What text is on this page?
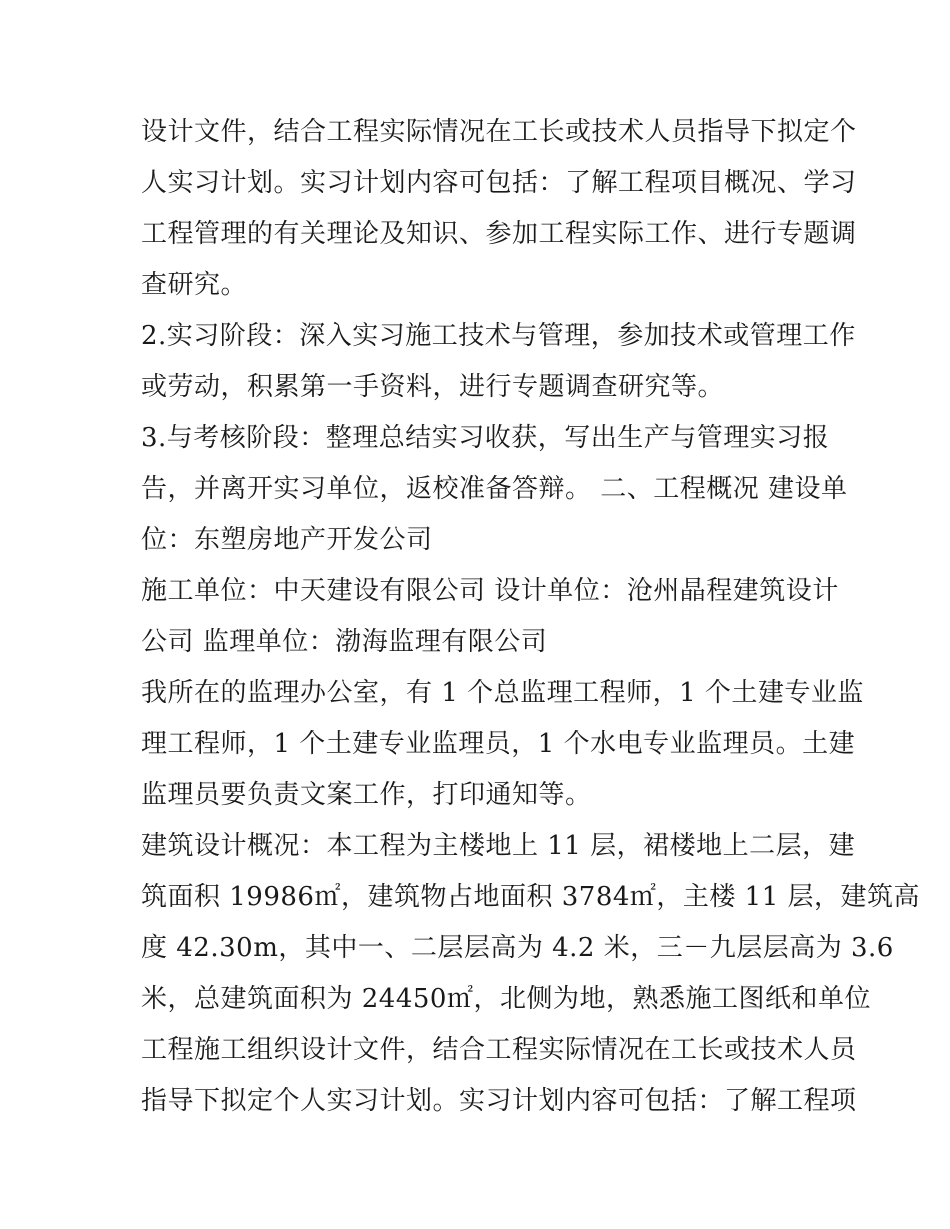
设计文件，结合工程实际情况在工长或技术人员指导下拟定个
人实习计划。实习计划内容可包括：了解工程项目概况、学习
工程管理的有关理论及知识、参加工程实际工作、进行专题调
查研究。
2.实习阶段：深入实习施工技术与管理，参加技术或管理工作
或劳动，积累第一手资料，进行专题调查研究等。
3.与考核阶段：整理总结实习收获，写出生产与管理实习报
告，并离开实习单位，返校准备答辩。 二、工程概况 建设单
位：东塑房地产开发公司
施工单位：中天建设有限公司 设计单位：沧州晶程建筑设计
公司 监理单位：渤海监理有限公司
我所在的监理办公室，有 1 个总监理工程师，1 个土建专业监
理工程师，1 个土建专业监理员，1 个水电专业监理员。土建
监理员要负责文案工作，打印通知等。
建筑设计概况：本工程为主楼地上 11 层，裙楼地上二层，建
筑面积 19986㎡，建筑物占地面积 3784㎡，主楼 11 层，建筑高
度 42.30m，其中一、二层层高为 4.2 米，三－九层层高为 3.6
米，总建筑面积为 24450㎡，北侧为地，熟悉施工图纸和单位
工程施工组织设计文件，结合工程实际情况在工长或技术人员
指导下拟定个人实习计划。实习计划内容可包括：了解工程项
